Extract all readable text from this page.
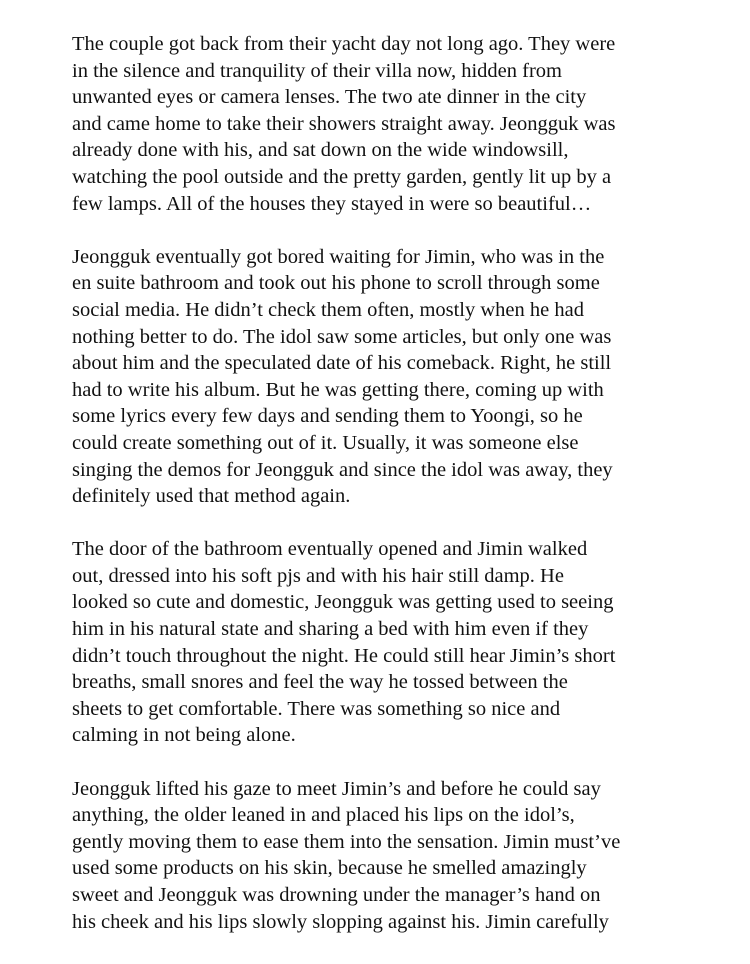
The couple got back from their yacht day not long ago. They were
in the silence and tranquility of their villa now, hidden from
unwanted eyes or camera lenses. The two ate dinner in the city
and came home to take their showers straight away. Jeongguk was
already done with his, and sat down on the wide windowsill,
watching the pool outside and the pretty garden, gently lit up by a
few lamps. All of the houses they stayed in were so beautiful…
Jeongguk eventually got bored waiting for Jimin, who was in the
en suite bathroom and took out his phone to scroll through some
social media. He didn’t check them often, mostly when he had
nothing better to do. The idol saw some articles, but only one was
about him and the speculated date of his comeback. Right, he still
had to write his album. But he was getting there, coming up with
some lyrics every few days and sending them to Yoongi, so he
could create something out of it. Usually, it was someone else
singing the demos for Jeongguk and since the idol was away, they
definitely used that method again.
The door of the bathroom eventually opened and Jimin walked
out, dressed into his soft pjs and with his hair still damp. He
looked so cute and domestic, Jeongguk was getting used to seeing
him in his natural state and sharing a bed with him even if they
didn’t touch throughout the night. He could still hear Jimin’s short
breaths, small snores and feel the way he tossed between the
sheets to get comfortable. There was something so nice and
calming in not being alone.
Jeongguk lifted his gaze to meet Jimin’s and before he could say
anything, the older leaned in and placed his lips on the idol’s,
gently moving them to ease them into the sensation. Jimin must’ve
used some products on his skin, because he smelled amazingly
sweet and Jeongguk was drowning under the manager’s hand on
his cheek and his lips slowly slopping against his. Jimin carefully
